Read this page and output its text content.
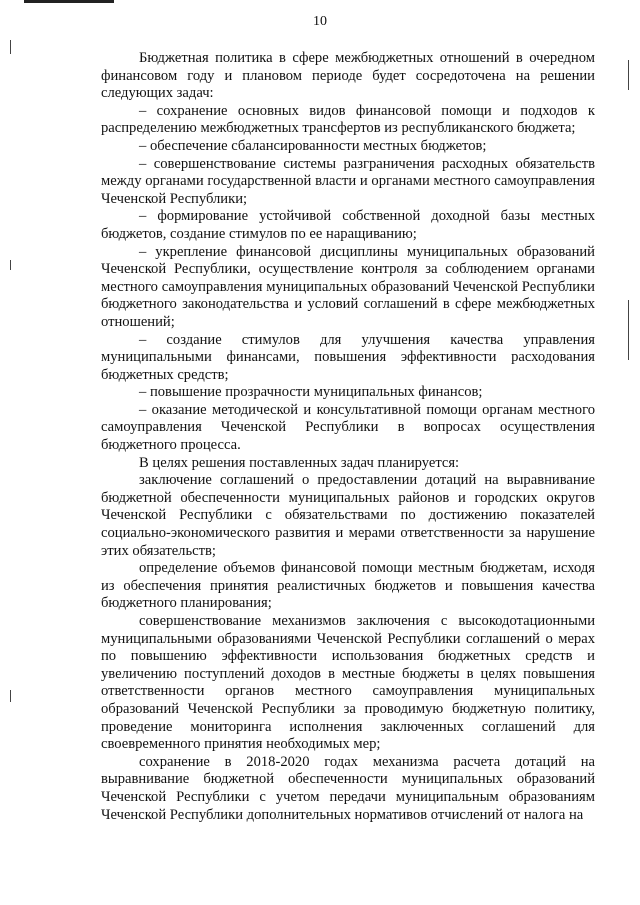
10

Бюджетная политика в сфере межбюджетных отношений в очередном финансовом году и плановом периоде будет сосредоточена на решении следующих задач:

– сохранение основных видов финансовой помощи и подходов к распределению межбюджетных трансфертов из республиканского бюджета;

– обеспечение сбалансированности местных бюджетов;

– совершенствование системы разграничения расходных обязательств между органами государственной власти и органами местного самоуправления Чеченской Республики;

– формирование устойчивой собственной доходной базы местных бюджетов, создание стимулов по ее наращиванию;

– укрепление финансовой дисциплины муниципальных образований Чеченской Республики, осуществление контроля за соблюдением органами местного самоуправления муниципальных образований Чеченской Республики бюджетного законодательства и условий соглашений в сфере межбюджетных отношений;

– создание стимулов для улучшения качества управления муниципальными финансами, повышения эффективности расходования бюджетных средств;

– повышение прозрачности муниципальных финансов;

– оказание методической и консультативной помощи органам местного самоуправления Чеченской Республики в вопросах осуществления бюджетного процесса.

В целях решения поставленных задач планируется:

заключение соглашений о предоставлении дотаций на выравнивание бюджетной обеспеченности муниципальных районов и городских округов Чеченской Республики с обязательствами по достижению показателей социально-экономического развития и мерами ответственности за нарушение этих обязательств;

определение объемов финансовой помощи местным бюджетам, исходя из обеспечения принятия реалистичных бюджетов и повышения качества бюджетного планирования;

совершенствование механизмов заключения с высокодотационными муниципальными образованиями Чеченской Республики соглашений о мерах по повышению эффективности использования бюджетных средств и увеличению поступлений доходов в местные бюджеты в целях повышения ответственности органов местного самоуправления муниципальных образований Чеченской Республики за проводимую бюджетную политику, проведение мониторинга исполнения заключенных соглашений для своевременного принятия необходимых мер;

сохранение в 2018-2020 годах механизма расчета дотаций на выравнивание бюджетной обеспеченности муниципальных образований Чеченской Республики с учетом передачи муниципальным образованиям Чеченской Республики дополнительных нормативов отчислений от налога на
